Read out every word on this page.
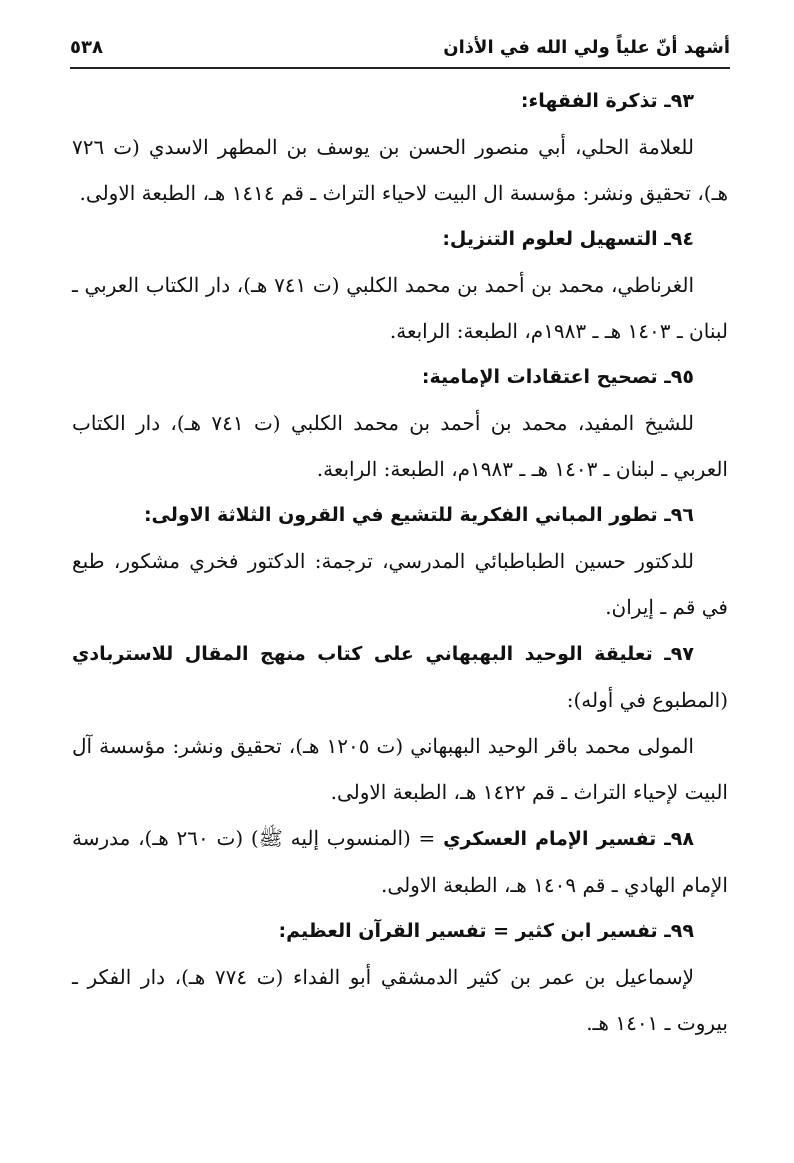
أشهد أنّ علياً ولي الله في الأذان
٥٣٨

٩٣ـ تذكرة الفقهاء:

للعلامة الحلي، أبي منصور الحسن بن يوسف بن المطهر الاسدي (ت ٧٢٦ هـ)، تحقيق ونشر: مؤسسة ال البيت لاحياء التراث ـ قم ١٤١٤ هـ، الطبعة الاولى.

٩٤ـ التسهيل لعلوم التنزيل:

الغرناطي، محمد بن أحمد بن محمد الكلبي (ت ٧٤١ هـ)، دار الكتاب العربي ـ لبنان ـ ١٤٠٣ هـ ـ ١٩٨٣م، الطبعة: الرابعة.

٩٥ـ تصحيح اعتقادات الإمامية:

للشيخ المفيد، محمد بن أحمد بن محمد الكلبي (ت ٧٤١ هـ)، دار الكتاب العربي ـ لبنان ـ ١٤٠٣ هـ ـ ١٩٨٣م، الطبعة: الرابعة.

٩٦ـ تطور المباني الفكرية للتشيع في القرون الثلاثة الاولى:

للدكتور حسين الطباطبائي المدرسي، ترجمة: الدكتور فخري مشكور، طبع في قم ـ إيران.

٩٧ـ تعليقة الوحيد البهبهاني على كتاب منهج المقال للاستربادي (المطبوع في أوله):

المولى محمد باقر الوحيد البهبهاني (ت ١٢٠٥ هـ)، تحقيق ونشر: مؤسسة آل البيت لإحياء التراث ـ قم ١٤٢٢ هـ، الطبعة الاولى.

٩٨ـ تفسير الإمام العسكري = (المنسوب إليه ﷺ) (ت ٢٦٠ هـ)، مدرسة الإمام الهادي ـ قم ١٤٠٩ هـ، الطبعة الاولى.

٩٩ـ تفسير ابن كثير = تفسير القرآن العظيم:

لإسماعيل بن عمر بن كثير الدمشقي أبو الفداء (ت ٧٧٤ هـ)، دار الفكر ـ بيروت ـ ١٤٠١ هـ.
